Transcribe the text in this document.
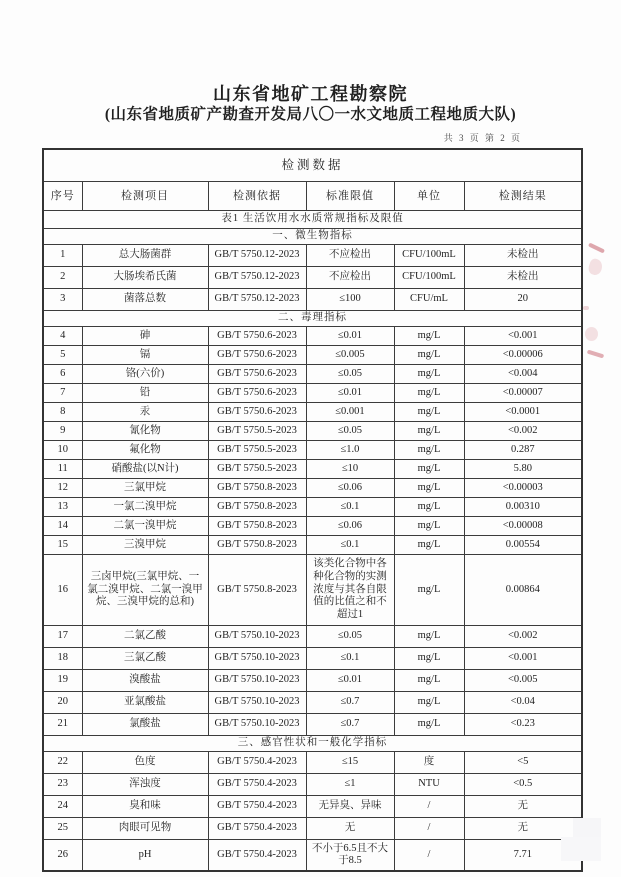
山东省地矿工程勘察院
(山东省地质矿产勘查开发局八〇一水文地质工程地质大队)
共 3 页 第 2 页
检测数据					
序号	检测项目	检测依据	标准限值	单位	检测结果
表1 生活饮用水水质常规指标及限值					
一、微生物指标					
1	总大肠菌群	GB/T 5750.12-2023	不应检出	CFU/100mL	未检出
2	大肠埃希氏菌	GB/T 5750.12-2023	不应检出	CFU/100mL	未检出
3	菌落总数	GB/T 5750.12-2023	≤100	CFU/mL	20
二、毒理指标					
4	砷	GB/T 5750.6-2023	≤0.01	mg/L	<0.001
5	镉	GB/T 5750.6-2023	≤0.005	mg/L	<0.00006
6	铬(六价)	GB/T 5750.6-2023	≤0.05	mg/L	<0.004
7	铅	GB/T 5750.6-2023	≤0.01	mg/L	<0.00007
8	汞	GB/T 5750.6-2023	≤0.001	mg/L	<0.0001
9	氰化物	GB/T 5750.5-2023	≤0.05	mg/L	<0.002
10	氟化物	GB/T 5750.5-2023	≤1.0	mg/L	0.287
11	硝酸盐(以N计)	GB/T 5750.5-2023	≤10	mg/L	5.80
12	三氯甲烷	GB/T 5750.8-2023	≤0.06	mg/L	<0.00003
13	一氯二溴甲烷	GB/T 5750.8-2023	≤0.1	mg/L	0.00310
14	二氯一溴甲烷	GB/T 5750.8-2023	≤0.06	mg/L	<0.00008
15	三溴甲烷	GB/T 5750.8-2023	≤0.1	mg/L	0.00554
16	三卤甲烷(三氯甲烷、一氯二溴甲烷、二氯一溴甲烷、三溴甲烷的总和)	GB/T 5750.8-2023	该类化合物中各种化合物的实测浓度与其各自限值的比值之和不超过1	mg/L	0.00864
17	二氯乙酸	GB/T 5750.10-2023	≤0.05	mg/L	<0.002
18	三氯乙酸	GB/T 5750.10-2023	≤0.1	mg/L	<0.001
19	溴酸盐	GB/T 5750.10-2023	≤0.01	mg/L	<0.005
20	亚氯酸盐	GB/T 5750.10-2023	≤0.7	mg/L	<0.04
21	氯酸盐	GB/T 5750.10-2023	≤0.7	mg/L	<0.23
三、感官性状和一般化学指标					
22	色度	GB/T 5750.4-2023	≤15	度	<5
23	浑浊度	GB/T 5750.4-2023	≤1	NTU	<0.5
24	臭和味	GB/T 5750.4-2023	无异臭、异味	/	无
25	肉眼可见物	GB/T 5750.4-2023	无	/	无
26	pH	GB/T 5750.4-2023	不小于6.5且不大于8.5	/	7.71
